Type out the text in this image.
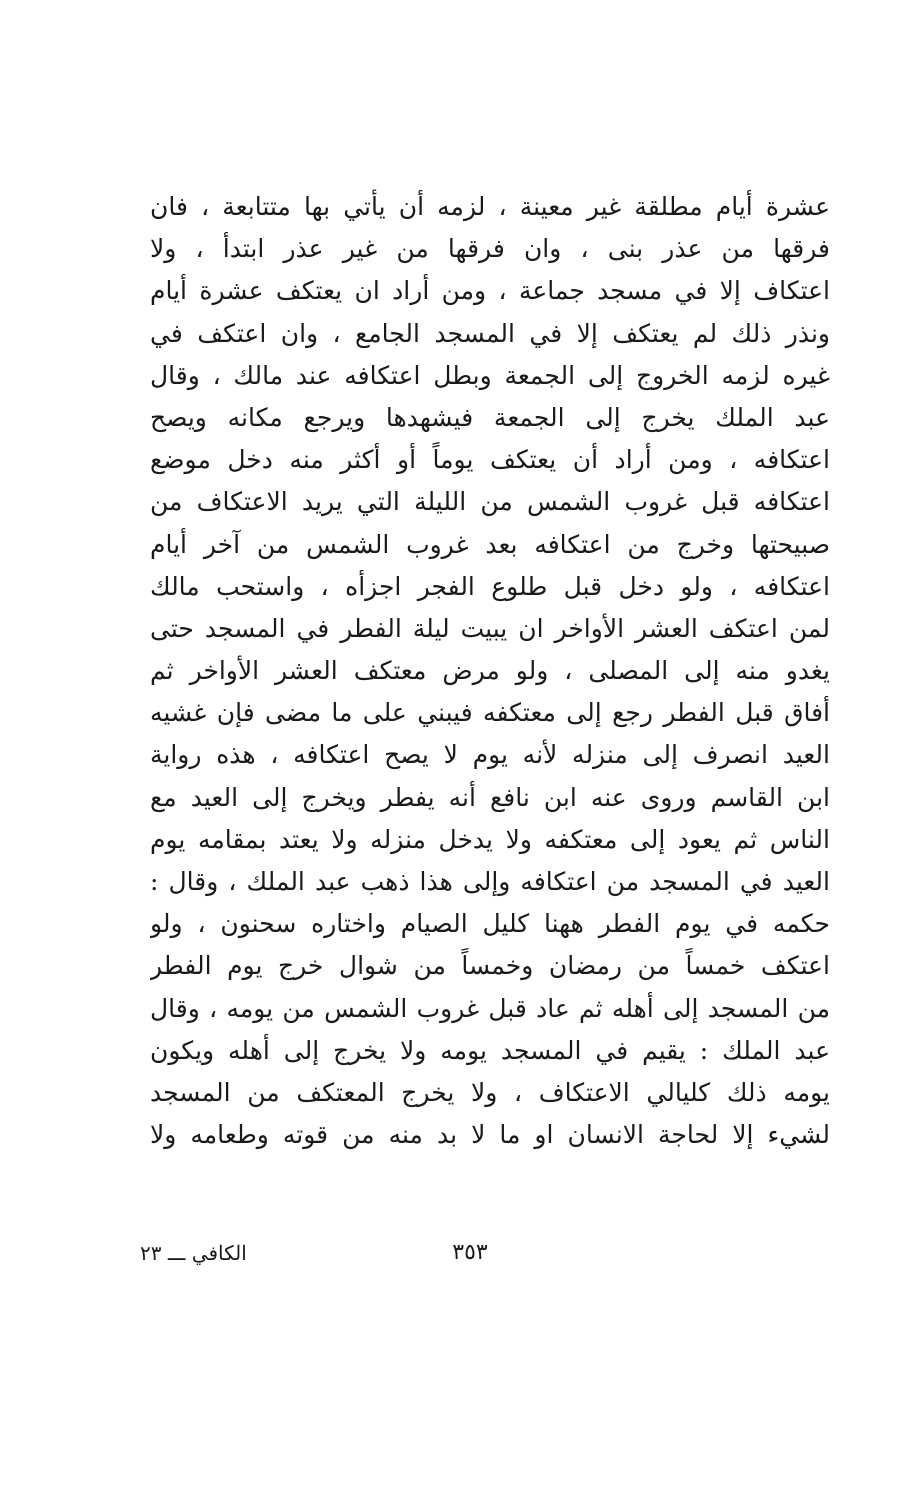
عشرة أيام مطلقة غير معينة ، لزمه أن يأتي بها متتابعة ، فان
فرقها من عذر بنى ، وان فرقها من غير عذر ابتدأ ، ولا
اعتكاف إلا في مسجد جماعة ، ومن أراد ان يعتكف عشرة أيام
ونذر ذلك لم يعتكف إلا في المسجد الجامع ، وان اعتكف في
غيره لزمه الخروج إلى الجمعة وبطل اعتكافه عند مالك ، وقال
عبد الملك يخرج إلى الجمعة فيشهدها ويرجع مكانه ويصح
اعتكافه ، ومن أراد أن يعتكف يوماً أو أكثر منه دخل موضع
اعتكافه قبل غروب الشمس من الليلة التي يريد الاعتكاف من
صبيحتها وخرج من اعتكافه بعد غروب الشمس من آخر أيام
اعتكافه ، ولو دخل قبل طلوع الفجر اجزأه ، واستحب مالك
لمن اعتكف العشر الأواخر ان يبيت ليلة الفطر في المسجد حتى
يغدو منه إلى المصلى ، ولو مرض معتكف العشر الأواخر ثم
أفاق قبل الفطر رجع إلى معتكفه فيبني على ما مضى فإن غشيه
العيد انصرف إلى منزله لأنه يوم لا يصح اعتكافه ، هذه رواية
ابن القاسم وروى عنه ابن نافع أنه يفطر ويخرج إلى العيد مع
الناس ثم يعود إلى معتكفه ولا يدخل منزله ولا يعتد بمقامه يوم
العيد في المسجد من اعتكافه وإلى هذا ذهب عبد الملك ، وقال :
حكمه في يوم الفطر ههنا كليل الصيام واختاره سحنون ، ولو
اعتكف خمساً من رمضان وخمساً من شوال خرج يوم الفطر
من المسجد إلى أهله ثم عاد قبل غروب الشمس من يومه ، وقال
عبد الملك : يقيم في المسجد يومه ولا يخرج إلى أهله ويكون
يومه ذلك كليالي الاعتكاف ، ولا يخرج المعتكف من المسجد
لشيء إلا لحاجة الانسان او ما لا بد منه من قوته وطعامه ولا
٣٥٣
الكافي ـــ ٢٣
